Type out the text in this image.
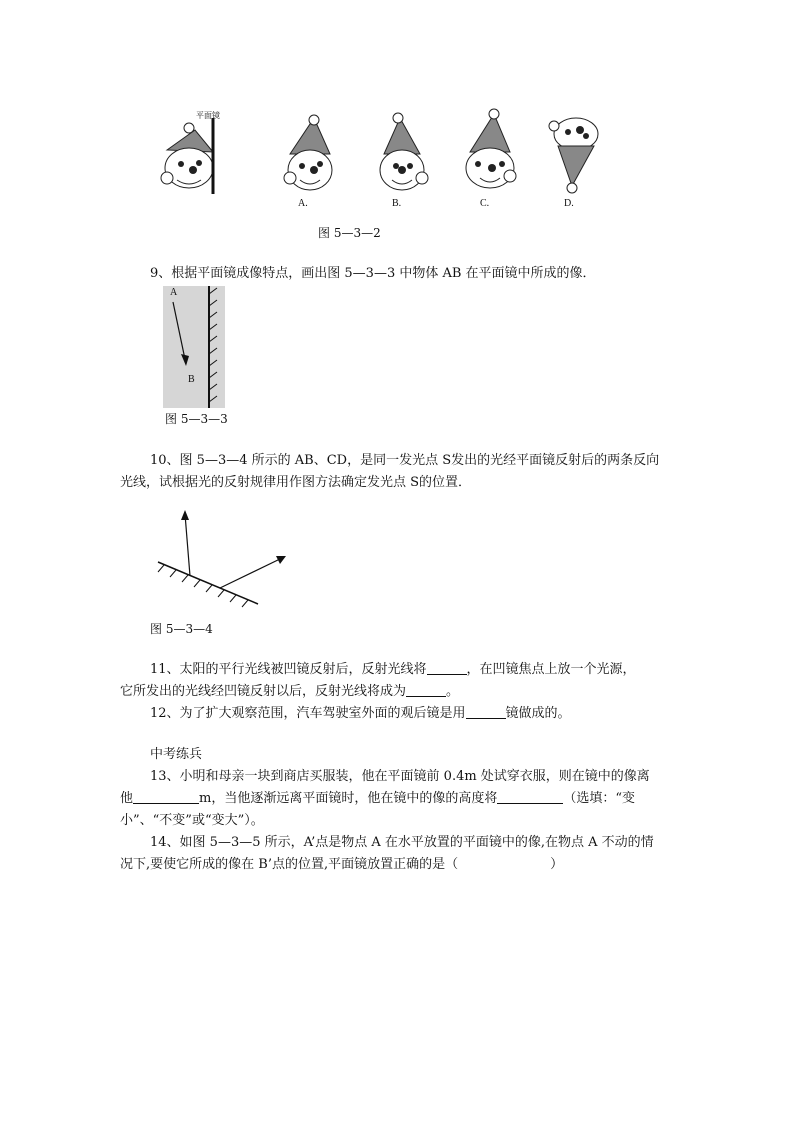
平面镜
A.	B.	C.	D.
图 5—3—2
9、根据平面镜成像特点，画出图 5—3—3 中物体 AB 在平面镜中所成的像．
A
B
图 5—3—3
10、图 5—3—4 所示的 AB、CD，是同一发光点 S发出的光经平面镜反射后的两条反向
光线，试根据光的反射规律用作图方法确定发光点 S的位置．
图 5—3—4
11、太阳的平行光线被凹镜反射后，反射光线将	，在凹镜焦点上放一个光源，
它所发出的光线经凹镜反射以后，反射光线将成为	。
12、为了扩大观察范围，汽车驾驶室外面的观后镜是用	镜做成的。
中考练兵
13、小明和母亲一块到商店买服装，他在平面镜前 0.4m 处试穿衣服，则在镜中的像离
他	m，当他逐渐远离平面镜时，他在镜中的像的高度将	（选填：“变
小”、“不变”或“变大”）。
14、如图 5—3—5 所示，A’点是物点 A 在水平放置的平面镜中的像,在物点 A 不动的情
况下,要使它所成的像在 B’点的位置,平面镜放置正确的是（	）
